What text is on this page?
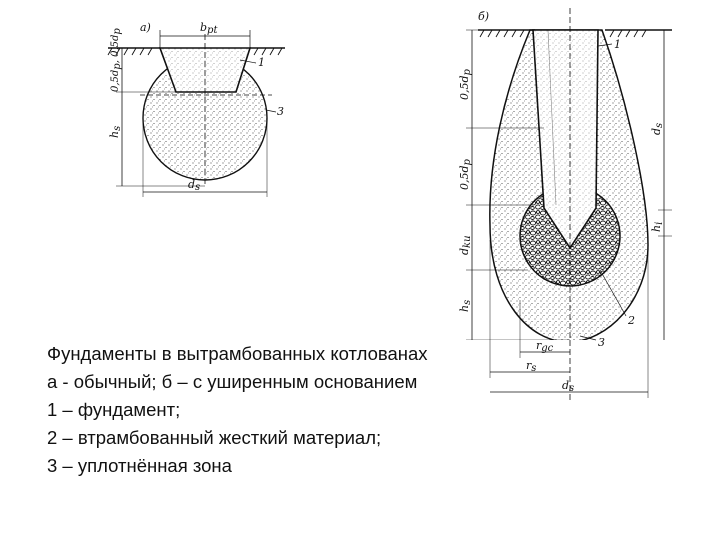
bpt
а)
0,5dp, 0,5dp
hs
ds
1
3
б)
0,5dp
0,5dp
dku
hs
ds
hi
1
2
rgc
rs
ds
3

Фундаменты в вытрамбованных котлованах

а - обычный; б – с уширенным основанием

1 – фундамент;

2 – втрамбованный жесткий материал;

3 – уплотнённая зона
